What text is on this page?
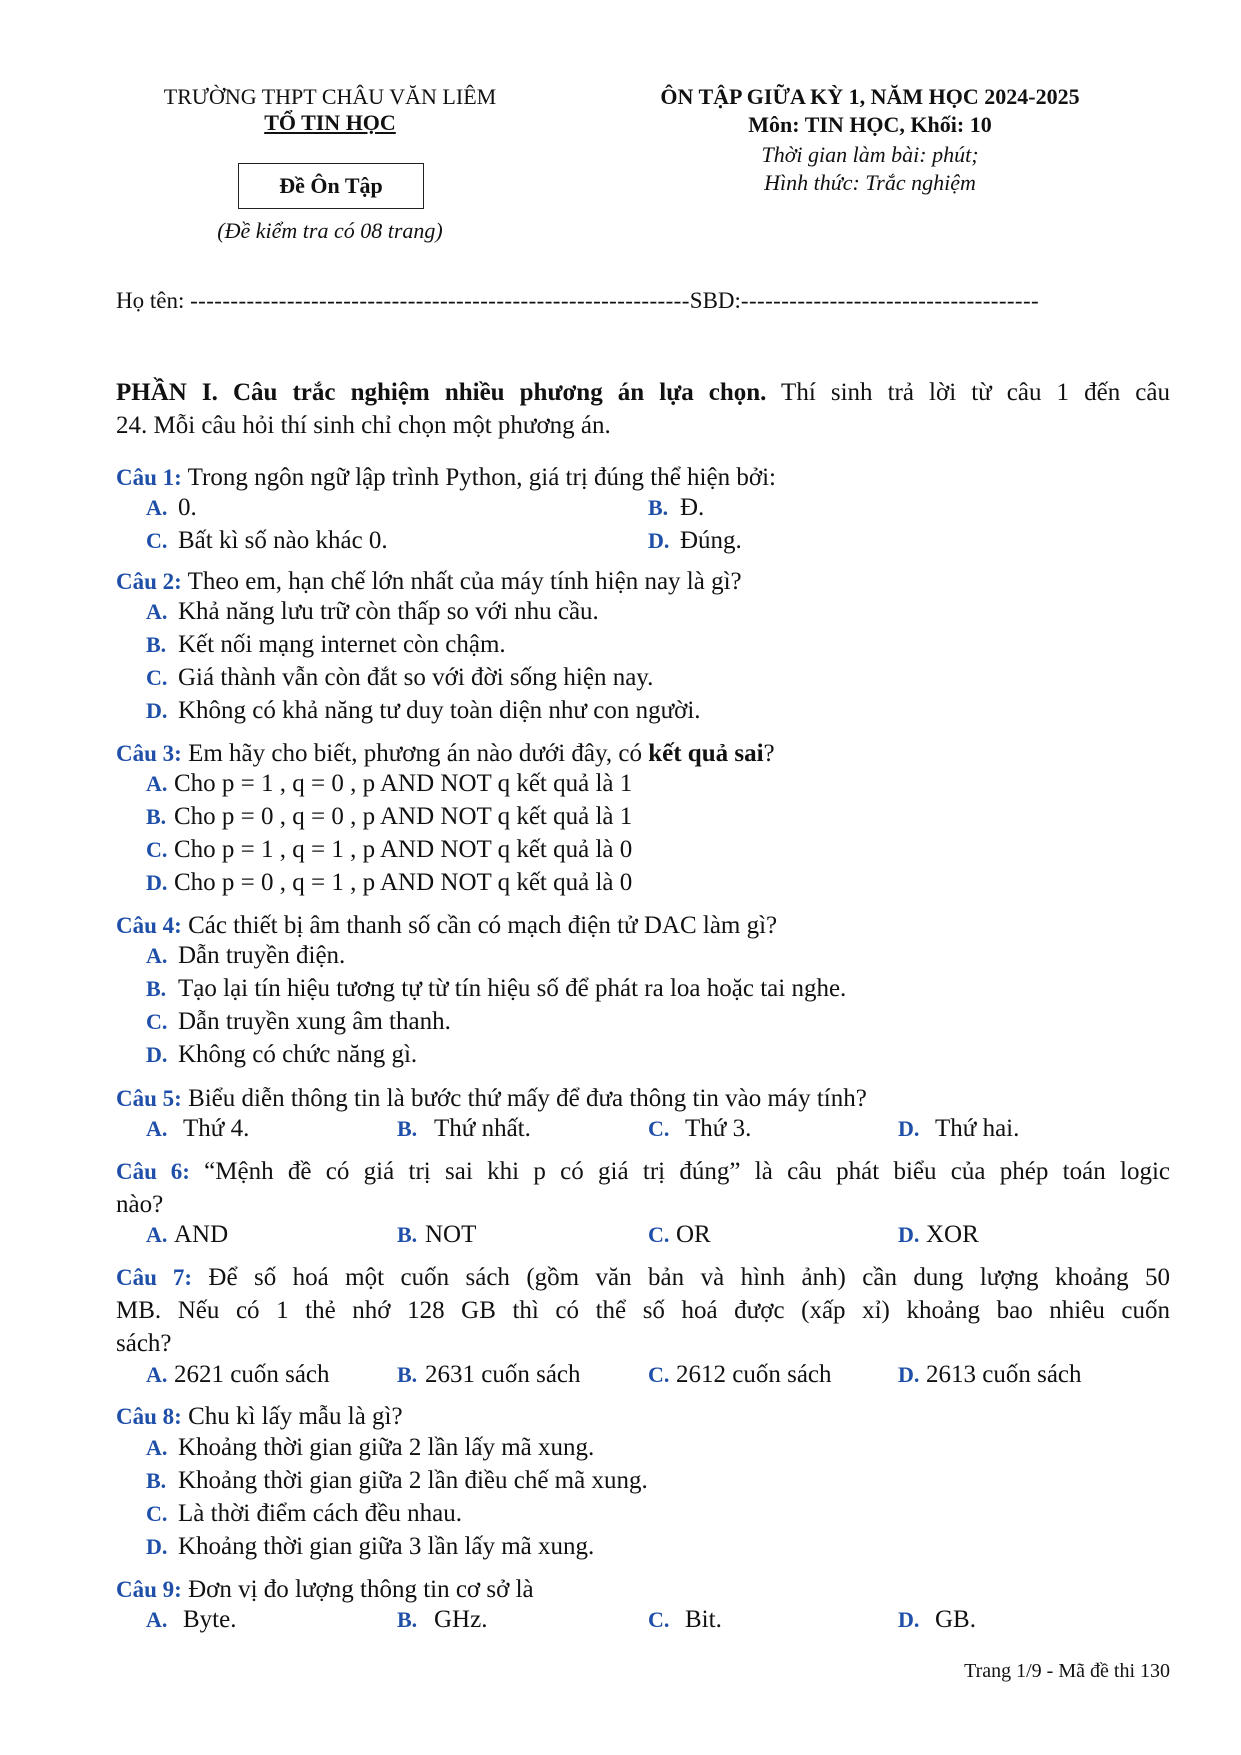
TRƯỜNG THPT CHÂU VĂN LIÊM
TỔ TIN HỌC
Đề Ôn Tập
(Đề kiểm tra có 08 trang)
ÔN TẬP GIỮA KỲ 1, NĂM HỌC 2024-2025
Môn: TIN HỌC, Khối: 10
Thời gian làm bài: phút;
Hình thức: Trắc nghiệm
Họ tên: --------------------------------------------------------------SBD:-------------------------------------
PHẦN I. Câu trắc nghiệm nhiều phương án lựa chọn. Thí sinh trả lời từ câu 1 đến câu
24. Mỗi câu hỏi thí sinh chỉ chọn một phương án.
Câu 1: Trong ngôn ngữ lập trình Python, giá trị đúng thể hiện bởi:
A. 0.	B. Đ.
C. Bất kì số nào khác 0.	D. Đúng.
Câu 2: Theo em, hạn chế lớn nhất của máy tính hiện nay là gì?
A. Khả năng lưu trữ còn thấp so với nhu cầu.
B. Kết nối mạng internet còn chậm.
C. Giá thành vẫn còn đắt so với đời sống hiện nay.
D. Không có khả năng tư duy toàn diện như con người.
Câu 3: Em hãy cho biết, phương án nào dưới đây, có kết quả sai?
A. Cho p = 1 , q = 0 , p AND NOT q kết quả là 1
B. Cho p = 0 , q = 0 , p AND NOT q kết quả là 1
C. Cho p = 1 , q = 1 , p AND NOT q kết quả là 0
D. Cho p = 0 , q = 1 , p AND NOT q kết quả là 0
Câu 4: Các thiết bị âm thanh số cần có mạch điện tử DAC làm gì?
A. Dẫn truyền điện.
B. Tạo lại tín hiệu tương tự từ tín hiệu số để phát ra loa hoặc tai nghe.
C. Dẫn truyền xung âm thanh.
D. Không có chức năng gì.
Câu 5: Biểu diễn thông tin là bước thứ mấy để đưa thông tin vào máy tính?
A. Thứ 4.	B. Thứ nhất.	C. Thứ 3.	D. Thứ hai.
Câu 6: “Mệnh đề có giá trị sai khi p có giá trị đúng” là câu phát biểu của phép toán logic
nào?
A. AND	B. NOT	C. OR	D. XOR
Câu 7: Để số hoá một cuốn sách (gồm văn bản và hình ảnh) cần dung lượng khoảng 50
MB. Nếu có 1 thẻ nhớ 128 GB thì có thể số hoá được (xấp xỉ) khoảng bao nhiêu cuốn
sách?
A. 2621 cuốn sách	B. 2631 cuốn sách	C. 2612 cuốn sách	D. 2613 cuốn sách
Câu 8: Chu kì lấy mẫu là gì?
A. Khoảng thời gian giữa 2 lần lấy mã xung.
B. Khoảng thời gian giữa 2 lần điều chế mã xung.
C. Là thời điểm cách đều nhau.
D. Khoảng thời gian giữa 3 lần lấy mã xung.
Câu 9: Đơn vị đo lượng thông tin cơ sở là
A. Byte.	B. GHz.	C. Bit.	D. GB.
Trang 1/9 - Mã đề thi 130
